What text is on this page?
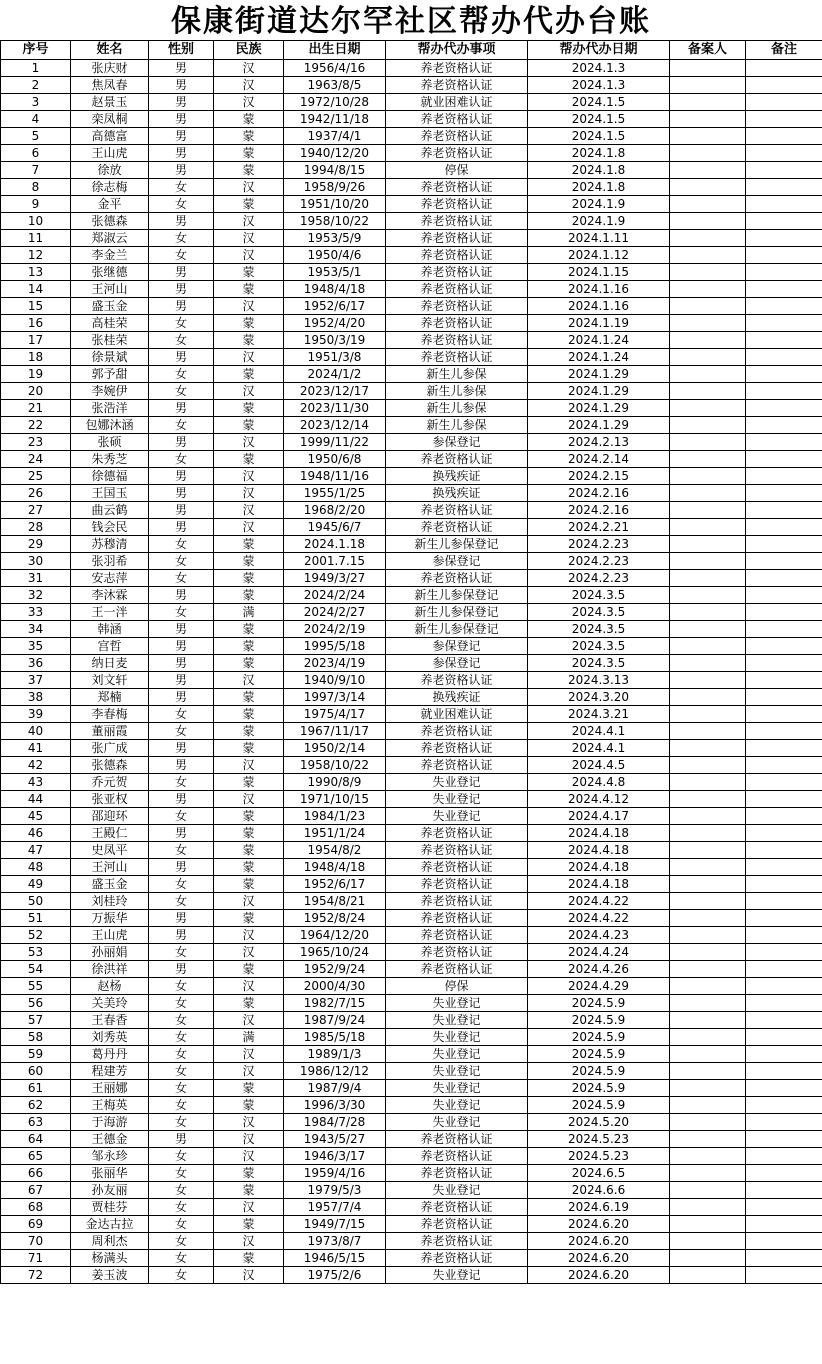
保康街道达尔罕社区帮办代办台账
序号	姓名	性别	民族	出生日期	帮办代办事项	帮办代办日期	备案人	备注
1	张庆财	男	汉	1956/4/16	养老资格认证	2024.1.3		
2	焦凤春	男	汉	1963/8/5	养老资格认证	2024.1.3		
3	赵景玉	男	汉	1972/10/28	就业困难认证	2024.1.5		
4	栾凤桐	男	蒙	1942/11/18	养老资格认证	2024.1.5		
5	高德富	男	蒙	1937/4/1	养老资格认证	2024.1.5		
6	王山虎	男	蒙	1940/12/20	养老资格认证	2024.1.8		
7	徐放	男	蒙	1994/8/15	停保	2024.1.8		
8	徐志梅	女	汉	1958/9/26	养老资格认证	2024.1.8		
9	金平	女	蒙	1951/10/20	养老资格认证	2024.1.9		
10	张德森	男	汉	1958/10/22	养老资格认证	2024.1.9		
11	郑淑云	女	汉	1953/5/9	养老资格认证	2024.1.11		
12	李金兰	女	汉	1950/4/6	养老资格认证	2024.1.12		
13	张继德	男	蒙	1953/5/1	养老资格认证	2024.1.15		
14	王河山	男	蒙	1948/4/18	养老资格认证	2024.1.16		
15	盛玉金	男	汉	1952/6/17	养老资格认证	2024.1.16		
16	高桂荣	女	蒙	1952/4/20	养老资格认证	2024.1.19		
17	张桂荣	女	蒙	1950/3/19	养老资格认证	2024.1.24		
18	徐景斌	男	汉	1951/3/8	养老资格认证	2024.1.24		
19	郭予甜	女	蒙	2024/1/2	新生儿参保	2024.1.29		
20	李婉伊	女	汉	2023/12/17	新生儿参保	2024.1.29		
21	张浩洋	男	蒙	2023/11/30	新生儿参保	2024.1.29		
22	包娜沐涵	女	蒙	2023/12/14	新生儿参保	2024.1.29		
23	张硕	男	汉	1999/11/22	参保登记	2024.2.13		
24	朱秀芝	女	蒙	1950/6/8	养老资格认证	2024.2.14		
25	徐德福	男	汉	1948/11/16	换残疾证	2024.2.15		
26	王国玉	男	汉	1955/1/25	换残疾证	2024.2.16		
27	曲云鹤	男	汉	1968/2/20	养老资格认证	2024.2.16		
28	钱会民	男	汉	1945/6/7	养老资格认证	2024.2.21		
29	苏穆清	女	蒙	2024.1.18	新生儿参保登记	2024.2.23		
30	张羽希	女	蒙	2001.7.15	参保登记	2024.2.23		
31	安志萍	女	蒙	1949/3/27	养老资格认证	2024.2.23		
32	李沐霖	男	蒙	2024/2/24	新生儿参保登记	2024.3.5		
33	王一泮	女	满	2024/2/27	新生儿参保登记	2024.3.5		
34	韩涵	男	蒙	2024/2/19	新生儿参保登记	2024.3.5		
35	宫哲	男	蒙	1995/5/18	参保登记	2024.3.5		
36	纳日麦	男	蒙	2023/4/19	参保登记	2024.3.5		
37	刘文轩	男	汉	1940/9/10	养老资格认证	2024.3.13		
38	郑楠	男	蒙	1997/3/14	换残疾证	2024.3.20		
39	李春梅	女	蒙	1975/4/17	就业困难认证	2024.3.21		
40	董丽霞	女	蒙	1967/11/17	养老资格认证	2024.4.1		
41	张广成	男	蒙	1950/2/14	养老资格认证	2024.4.1		
42	张德森	男	汉	1958/10/22	养老资格认证	2024.4.5		
43	乔元贺	女	蒙	1990/8/9	失业登记	2024.4.8		
44	张亚权	男	汉	1971/10/15	失业登记	2024.4.12		
45	邵迎环	女	蒙	1984/1/23	失业登记	2024.4.17		
46	王殿仁	男	蒙	1951/1/24	养老资格认证	2024.4.18		
47	史凤平	女	蒙	1954/8/2	养老资格认证	2024.4.18		
48	王河山	男	蒙	1948/4/18	养老资格认证	2024.4.18		
49	盛玉金	女	蒙	1952/6/17	养老资格认证	2024.4.18		
50	刘桂玲	女	汉	1954/8/21	养老资格认证	2024.4.22		
51	万振华	男	蒙	1952/8/24	养老资格认证	2024.4.22		
52	王山虎	男	汉	1964/12/20	养老资格认证	2024.4.23		
53	孙丽娟	女	汉	1965/10/24	养老资格认证	2024.4.24		
54	徐洪祥	男	蒙	1952/9/24	养老资格认证	2024.4.26		
55	赵杨	女	汉	2000/4/30	停保	2024.4.29		
56	关美玲	女	蒙	1982/7/15	失业登记	2024.5.9		
57	王春香	女	汉	1987/9/24	失业登记	2024.5.9		
58	刘秀英	女	满	1985/5/18	失业登记	2024.5.9		
59	葛丹丹	女	汉	1989/1/3	失业登记	2024.5.9		
60	程建芳	女	汉	1986/12/12	失业登记	2024.5.9		
61	王丽娜	女	蒙	1987/9/4	失业登记	2024.5.9		
62	王梅英	女	蒙	1996/3/30	失业登记	2024.5.9		
63	于海游	女	汉	1984/7/28	失业登记	2024.5.20		
64	王德金	男	汉	1943/5/27	养老资格认证	2024.5.23		
65	邹永珍	女	汉	1946/3/17	养老资格认证	2024.5.23		
66	张丽华	女	蒙	1959/4/16	养老资格认证	2024.6.5		
67	孙友丽	女	蒙	1979/5/3	失业登记	2024.6.6		
68	贾桂芬	女	汉	1957/7/4	养老资格认证	2024.6.19		
69	金达古拉	女	蒙	1949/7/15	养老资格认证	2024.6.20		
70	周利杰	女	汉	1973/8/7	养老资格认证	2024.6.20		
71	杨满头	女	蒙	1946/5/15	养老资格认证	2024.6.20		
72	姜玉波	女	汉	1975/2/6	失业登记	2024.6.20		
